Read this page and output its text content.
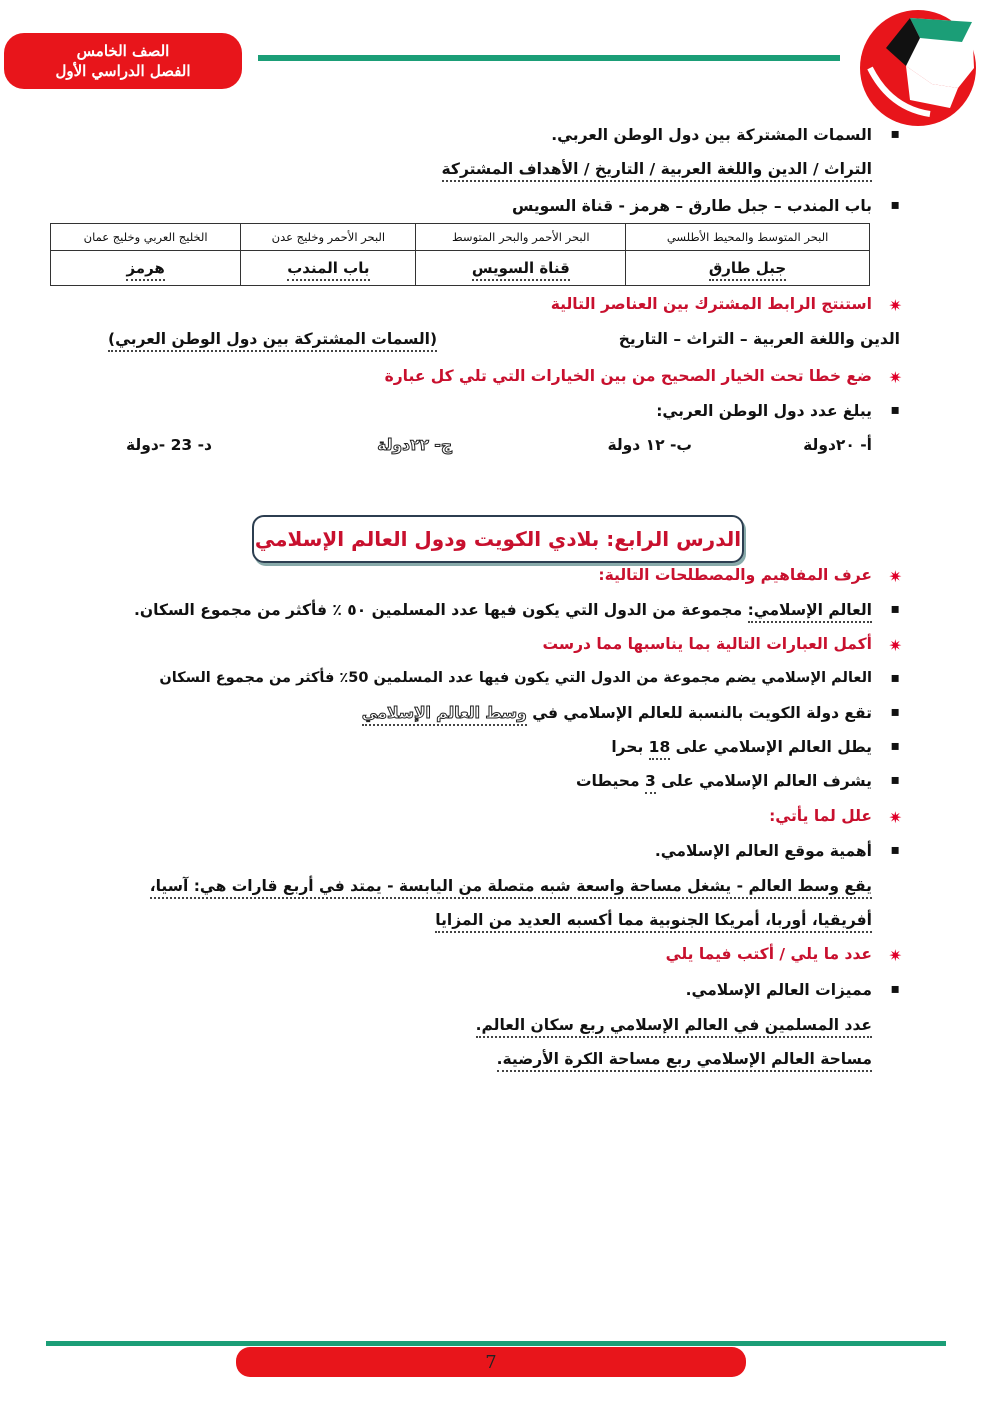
الصف الخامس
الفصل الدراسي الأول
▪ السمات المشتركة بين دول الوطن العربي.
التراث / الدين واللغة العربية / التاريخ / الأهداف المشتركة
▪ باب المندب – جبل طارق – هرمز - قناة السويس
البحر المتوسط والمحيط الأطلسي	البحر الأحمر والبحر المتوسط	البحر الأحمر وخليج عدن	الخليج العربي وخليج عمان
جبل طارق	قناة السويس	باب المندب	هرمز
✷
استنتج الرابط المشترك بين العناصر التالية
الدين واللغة العربية – التراث – التاريخ
(السمات المشتركة بين دول الوطن العربي)
✷
ضع خطا تحت الخيار الصحيح من بين الخيارات التي تلي كل عبارة
▪ يبلغ عدد دول الوطن العربي:
أ- ٢٠دولة
ب- ١٢ دولة
ج- ٢٢دولة
د- 23 -دولة
الدرس الرابع: بلادي الكويت ودول العالم الإسلامي
✷
عرف المفاهيم والمصطلحات التالية:
▪ العالم الإسلامي: مجموعة من الدول التي يكون فيها عدد المسلمين ٥٠ ٪ فأكثر من مجموع السكان.
✷
أكمل العبارات التالية بما يناسبها مما درست
▪ العالم الإسلامي يضم مجموعة من الدول التي يكون فيها عدد المسلمين 50٪ فأكثر من مجموع السكان
▪ تقع دولة الكويت بالنسبة للعالم الإسلامي في وسط العالم الإسلامي
▪ يطل العالم الإسلامي على 18 بحرا
▪ يشرف العالم الإسلامي على 3 محيطات
✷
علل لما يأتي:
▪ أهمية موقع العالم الإسلامي.
يقع وسط العالم - يشغل مساحة واسعة شبه متصلة من اليابسة - يمتد في أربع قارات هي: آسيا،
أفريقيا، أوربا، أمريكا الجنوبية مما أكسبه العديد من المزايا
✷
عدد ما يلي / أكتب فيما يلي
▪ مميزات العالم الإسلامي.
عدد المسلمين في العالم الإسلامي ربع سكان العالم.
مساحة العالم الإسلامي ربع مساحة الكرة الأرضية.
7
